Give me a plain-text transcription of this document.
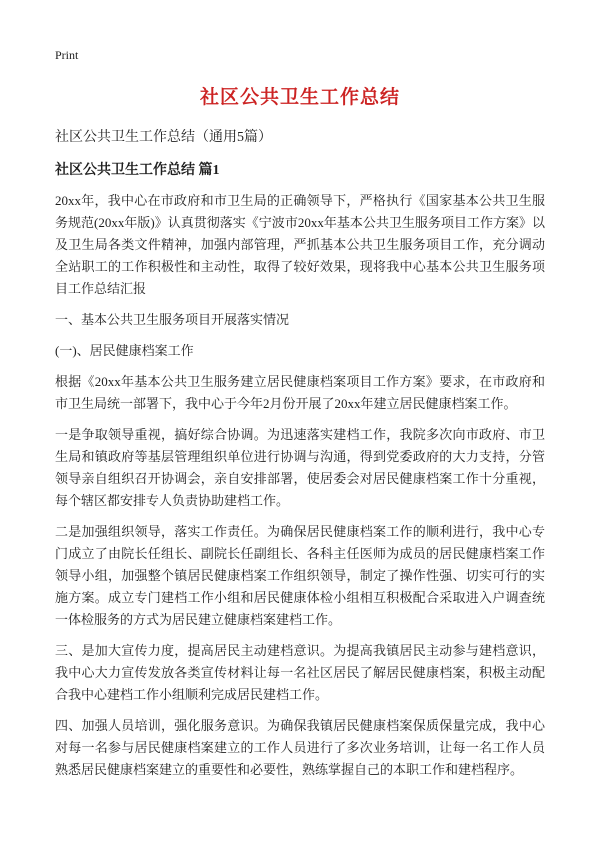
Print
社区公共卫生工作总结

社区公共卫生工作总结（通用5篇）

社区公共卫生工作总结 篇1

20xx年，我中心在市政府和市卫生局的正确领导下，严格执行《国家基本公共卫生服务规范(20xx年版)》认真贯彻落实《宁波市20xx年基本公共卫生服务项目工作方案》以及卫生局各类文件精神，加强内部管理，严抓基本公共卫生服务项目工作，充分调动全站职工的工作积极性和主动性，取得了较好效果，现将我中心基本公共卫生服务项目工作总结汇报

一、基本公共卫生服务项目开展落实情况

(一)、居民健康档案工作

根据《20xx年基本公共卫生服务建立居民健康档案项目工作方案》要求，在市政府和市卫生局统一部署下，我中心于今年2月份开展了20xx年建立居民健康档案工作。

一是争取领导重视，搞好综合协调。为迅速落实建档工作，我院多次向市政府、市卫生局和镇政府等基层管理组织单位进行协调与沟通，得到党委政府的大力支持，分管领导亲自组织召开协调会，亲自安排部署，使居委会对居民健康档案工作十分重视，每个辖区都安排专人负责协助建档工作。

二是加强组织领导，落实工作责任。为确保居民健康档案工作的顺利进行，我中心专门成立了由院长任组长、副院长任副组长、各科主任医师为成员的居民健康档案工作领导小组，加强整个镇居民健康档案工作组织领导，制定了操作性强、切实可行的实施方案。成立专门建档工作小组和居民健康体检小组相互积极配合采取进入户调查统一体检服务的方式为居民建立健康档案建档工作。

三、是加大宣传力度，提高居民主动建档意识。为提高我镇居民主动参与建档意识，我中心大力宣传发放各类宣传材料让每一名社区居民了解居民健康档案，积极主动配合我中心建档工作小组顺利完成居民建档工作。

四、加强人员培训，强化服务意识。为确保我镇居民健康档案保质保量完成，我中心对每一名参与居民健康档案建立的工作人员进行了多次业务培训，让每一名工作人员熟悉居民健康档案建立的重要性和必要性，熟练掌握自己的本职工作和建档程序。
